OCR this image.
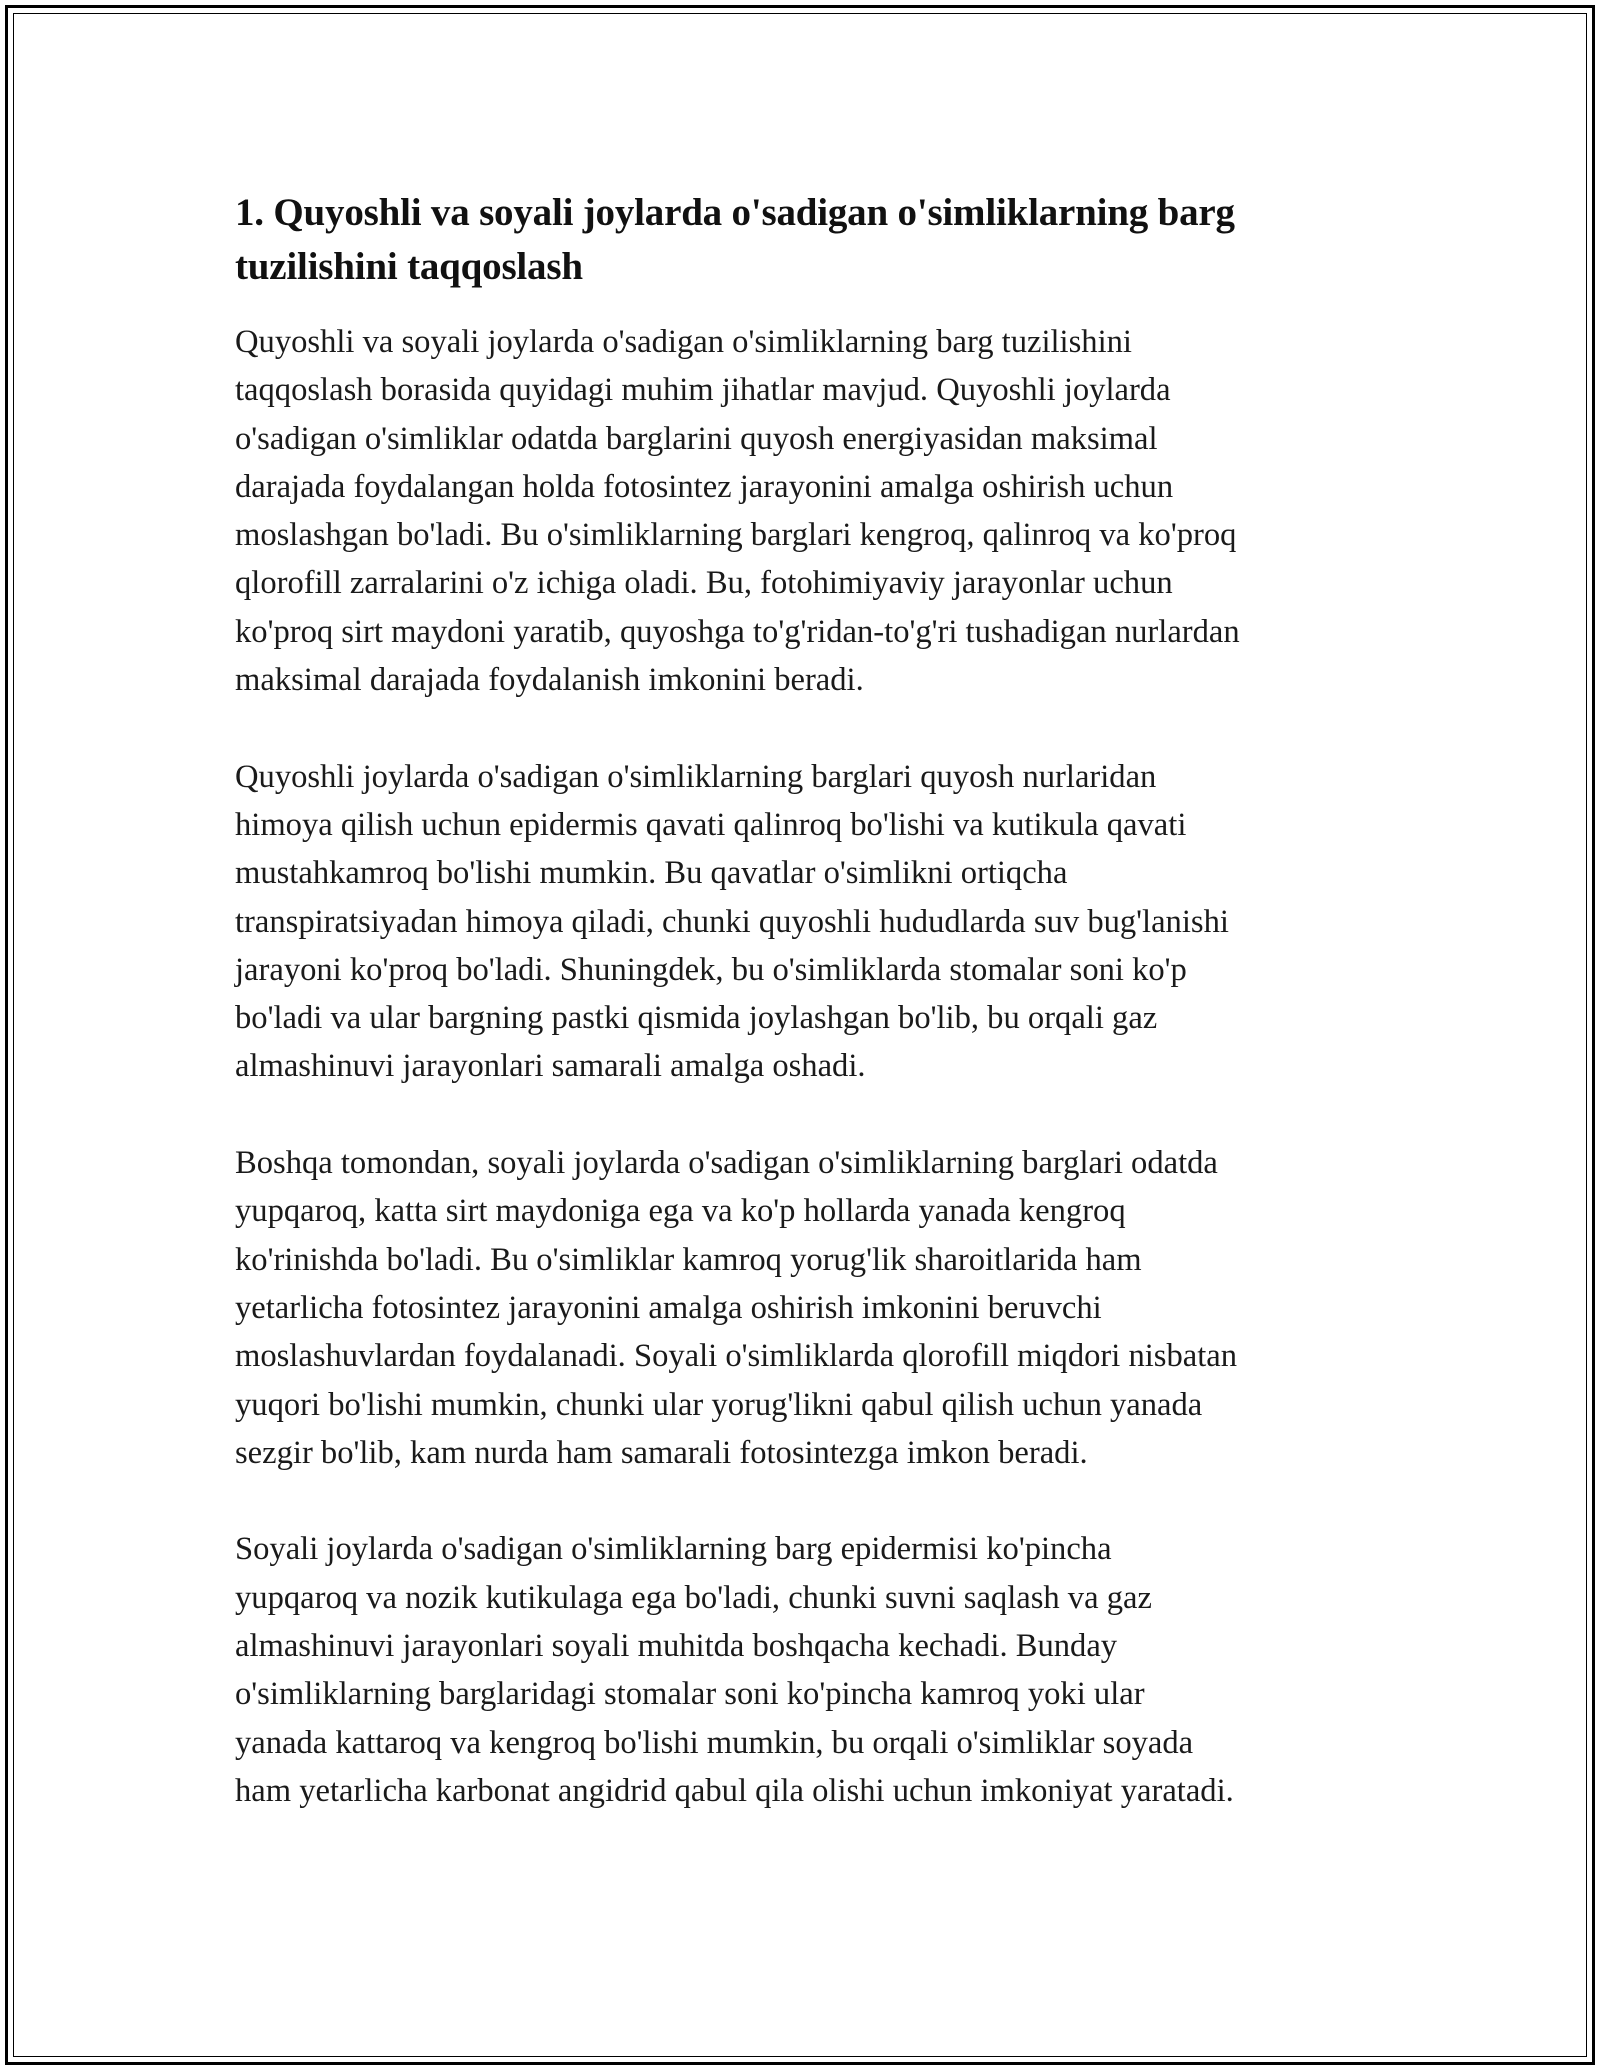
1. Quyoshli va soyali joylarda o'sadigan o'simliklarning barg tuzilishini taqqoslash

Quyoshli va soyali joylarda o'sadigan o'simliklarning barg tuzilishini
taqqoslash borasida quyidagi muhim jihatlar mavjud. Quyoshli joylarda
o'sadigan o'simliklar odatda barglarini quyosh energiyasidan maksimal
darajada foydalangan holda fotosintez jarayonini amalga oshirish uchun
moslashgan bo'ladi. Bu o'simliklarning barglari kengroq, qalinroq va ko'proq
qlorofill zarralarini o'z ichiga oladi. Bu, fotohimiyaviy jarayonlar uchun
ko'proq sirt maydoni yaratib, quyoshga to'g'ridan-to'g'ri tushadigan nurlardan
maksimal darajada foydalanish imkonini beradi.

Quyoshli joylarda o'sadigan o'simliklarning barglari quyosh nurlaridan
himoya qilish uchun epidermis qavati qalinroq bo'lishi va kutikula qavati
mustahkamroq bo'lishi mumkin. Bu qavatlar o'simlikni ortiqcha
transpiratsiyadan himoya qiladi, chunki quyoshli hududlarda suv bug'lanishi
jarayoni ko'proq bo'ladi. Shuningdek, bu o'simliklarda stomalar soni ko'p
bo'ladi va ular bargning pastki qismida joylashgan bo'lib, bu orqali gaz
almashinuvi jarayonlari samarali amalga oshadi.

Boshqa tomondan, soyali joylarda o'sadigan o'simliklarning barglari odatda
yupqaroq, katta sirt maydoniga ega va ko'p hollarda yanada kengroq
ko'rinishda bo'ladi. Bu o'simliklar kamroq yorug'lik sharoitlarida ham
yetarlicha fotosintez jarayonini amalga oshirish imkonini beruvchi
moslashuvlardan foydalanadi. Soyali o'simliklarda qlorofill miqdori nisbatan
yuqori bo'lishi mumkin, chunki ular yorug'likni qabul qilish uchun yanada
sezgir bo'lib, kam nurda ham samarali fotosintezga imkon beradi.

Soyali joylarda o'sadigan o'simliklarning barg epidermisi ko'pincha
yupqaroq va nozik kutikulaga ega bo'ladi, chunki suvni saqlash va gaz
almashinuvi jarayonlari soyali muhitda boshqacha kechadi. Bunday
o'simliklarning barglaridagi stomalar soni ko'pincha kamroq yoki ular
yanada kattaroq va kengroq bo'lishi mumkin, bu orqali o'simliklar soyada
ham yetarlicha karbonat angidrid qabul qila olishi uchun imkoniyat yaratadi.
